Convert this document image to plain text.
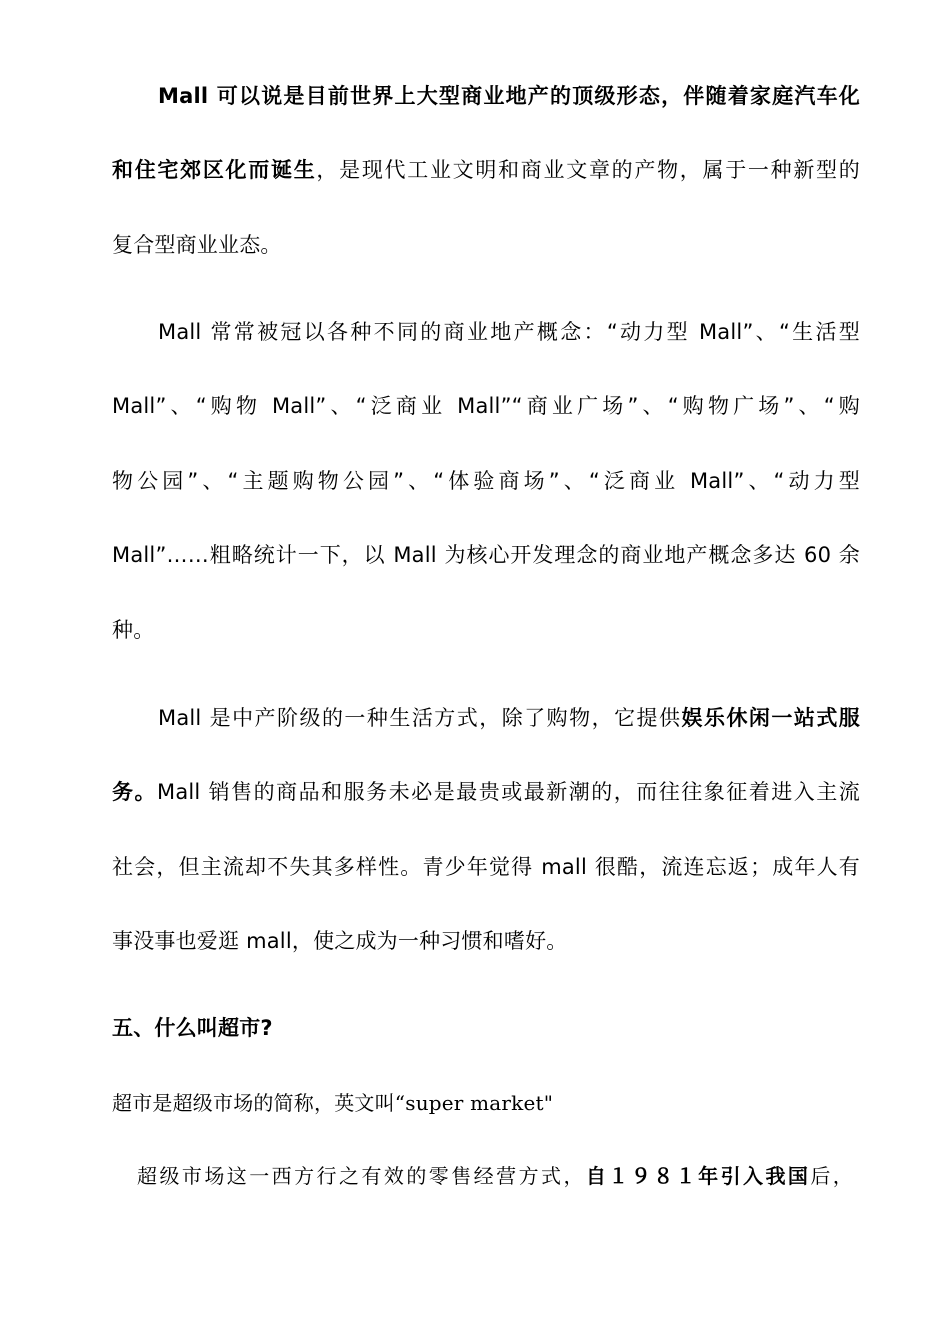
Mall 可以说是目前世界上大型商业地产的顶级形态，伴随着家庭汽车化
和住宅郊区化而诞生，是现代工业文明和商业文章的产物，属于一种新型的
复合型商业业态。
Mall 常常被冠以各种不同的商业地产概念：“动力型 Mall”、“生活型
Mall”、“购物 Mall”、“泛商业 Mall”“商业广场”、“购物广场”、“购
物公园”、“主题购物公园”、“体验商场”、“泛商业 Mall”、“动力型
Mall”……粗略统计一下，以 Mall 为核心开发理念的商业地产概念多达 60 余
种。
Mall 是中产阶级的一种生活方式，除了购物，它提供娱乐休闲一站式服
务。Mall 销售的商品和服务未必是最贵或最新潮的，而往往象征着进入主流
社会，但主流却不失其多样性。青少年觉得 mall 很酷，流连忘返；成年人有
事没事也爱逛 mall，使之成为一种习惯和嗜好。
五、什么叫超市?
超市是超级市场的简称，英文叫“super market"
超级市场这一西方行之有效的零售经营方式，自１９８１年引入我国后，
